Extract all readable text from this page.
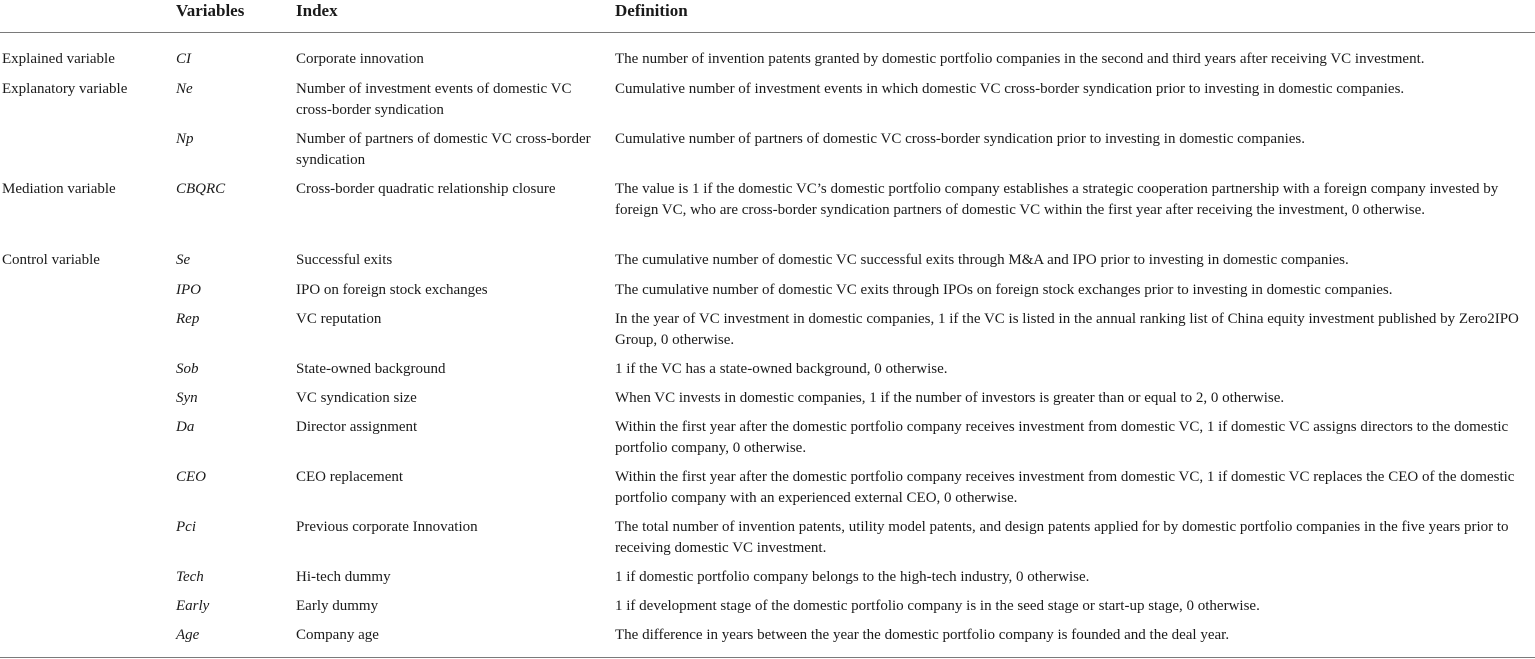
	Variables	Index	Definition
Explained variable	CI	Corporate innovation	The number of invention patents granted by domestic portfolio companies in the second and third years after receiving VC investment.
Explanatory variable	Ne	Number of investment events of domestic VC cross-border syndication	Cumulative number of investment events in which domestic VC cross-border syndication prior to investing in domestic companies.
	Np	Number of partners of domestic VC cross-border syndication	Cumulative number of partners of domestic VC cross-border syndication prior to investing in domestic companies.
Mediation variable	CBQRC	Cross-border quadratic relationship closure	The value is 1 if the domestic VC’s domestic portfolio company establishes a strategic cooperation partnership with a foreign company invested by foreign VC, who are cross-border syndication partners of domestic VC within the first year after receiving the investment, 0 otherwise.
Control variable	Se	Successful exits	The cumulative number of domestic VC successful exits through M&A and IPO prior to investing in domestic companies.
	IPO	IPO on foreign stock exchanges	The cumulative number of domestic VC exits through IPOs on foreign stock exchanges prior to investing in domestic companies.
	Rep	VC reputation	In the year of VC investment in domestic companies, 1 if the VC is listed in the annual ranking list of China equity investment published by Zero2IPO Group, 0 otherwise.
	Sob	State-owned background	1 if the VC has a state-owned background, 0 otherwise.
	Syn	VC syndication size	When VC invests in domestic companies, 1 if the number of investors is greater than or equal to 2, 0 otherwise.
	Da	Director assignment	Within the first year after the domestic portfolio company receives investment from domestic VC, 1 if domestic VC assigns directors to the domestic portfolio company, 0 otherwise.
	CEO	CEO replacement	Within the first year after the domestic portfolio company receives investment from domestic VC, 1 if domestic VC replaces the CEO of the domestic portfolio company with an experienced external CEO, 0 otherwise.
	Pci	Previous corporate Innovation	The total number of invention patents, utility model patents, and design patents applied for by domestic portfolio companies in the five years prior to receiving domestic VC investment.
	Tech	Hi-tech dummy	1 if domestic portfolio company belongs to the high-tech industry, 0 otherwise.
	Early	Early dummy	1 if development stage of the domestic portfolio company is in the seed stage or start-up stage, 0 otherwise.
	Age	Company age	The difference in years between the year the domestic portfolio company is founded and the deal year.
